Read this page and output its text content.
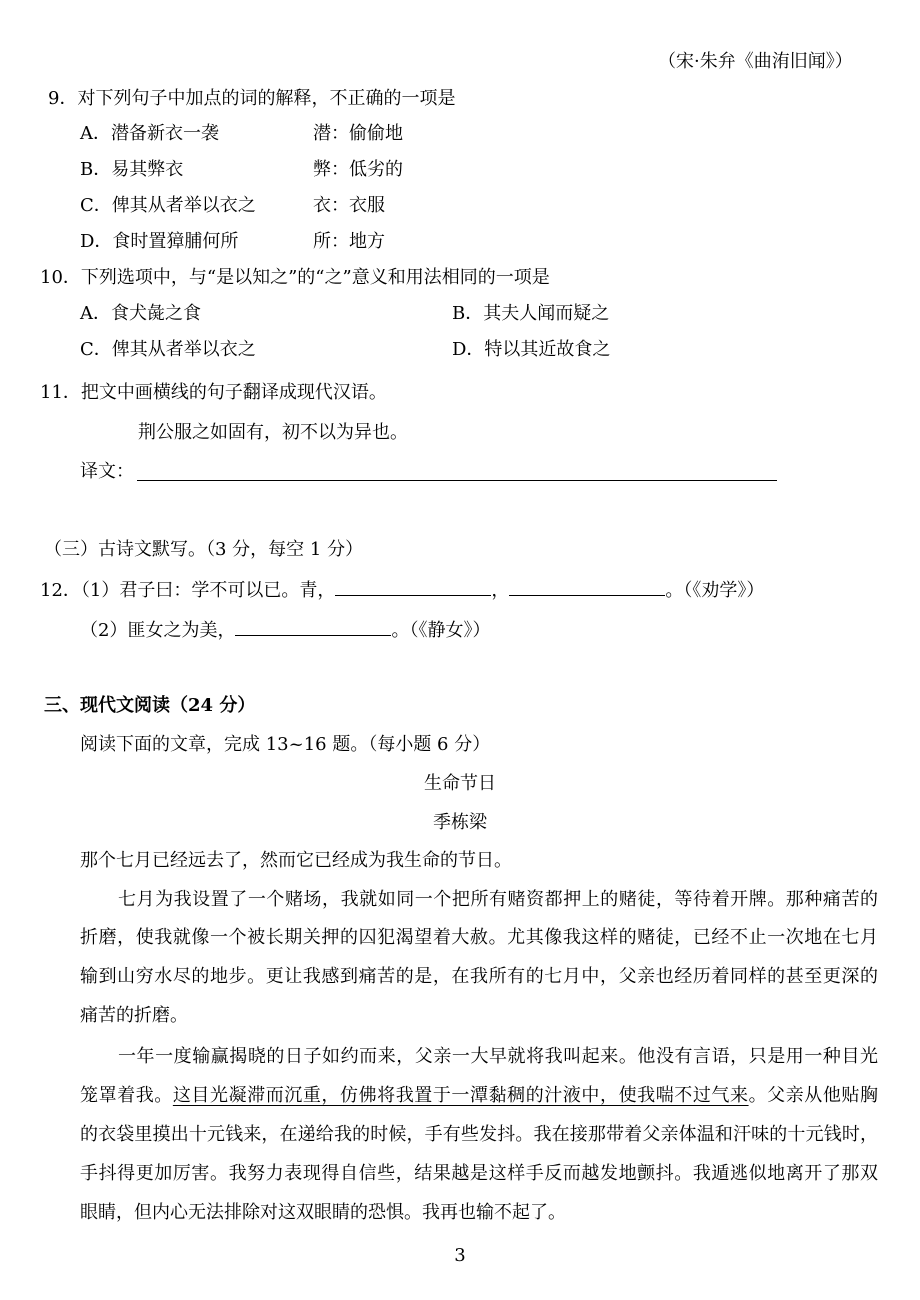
（宋·朱弁《曲洧旧闻》）
9．对下列句子中加点的词的解释，不正确的一项是
A．潜备新衣一袭	潜：偷偷地
B．易其弊衣	弊：低劣的
C．俾其从者举以衣之	衣：衣服
D．食时置獐脯何所	所：地方
10．下列选项中，与“是以知之”的“之”意义和用法相同的一项是
A．食犬彘之食	B．其夫人闻而疑之
C．俾其从者举以衣之	D．特以其近故食之
11．把文中画横线的句子翻译成现代汉语。
荆公服之如固有，初不以为异也。
译文：
（三）古诗文默写。（3 分，每空 1 分）
12．（1）君子曰：学不可以已。青，	，	。（《劝学》）
（2）匪女之为美，	。（《静女》）
三、现代文阅读（24 分）
阅读下面的文章，完成 13~16 题。（每小题 6 分）
生命节日
季栋梁
那个七月已经远去了，然而它已经成为我生命的节日。
七月为我设置了一个赌场，我就如同一个把所有赌资都押上的赌徒，等待着开牌。那种痛苦的
折磨，使我就像一个被长期关押的囚犯渴望着大赦。尤其像我这样的赌徒，已经不止一次地在七月
输到山穷水尽的地步。更让我感到痛苦的是，在我所有的七月中，父亲也经历着同样的甚至更深的
痛苦的折磨。
一年一度输赢揭晓的日子如约而来，父亲一大早就将我叫起来。他没有言语，只是用一种目光
笼罩着我。这目光凝滞而沉重，仿佛将我置于一潭黏稠的汁液中，使我喘不过气来。父亲从他贴胸
的衣袋里摸出十元钱来，在递给我的时候，手有些发抖。我在接那带着父亲体温和汗味的十元钱时，
手抖得更加厉害。我努力表现得自信些，结果越是这样手反而越发地颤抖。我遁逃似地离开了那双
眼睛，但内心无法排除对这双眼睛的恐惧。我再也输不起了。
3
